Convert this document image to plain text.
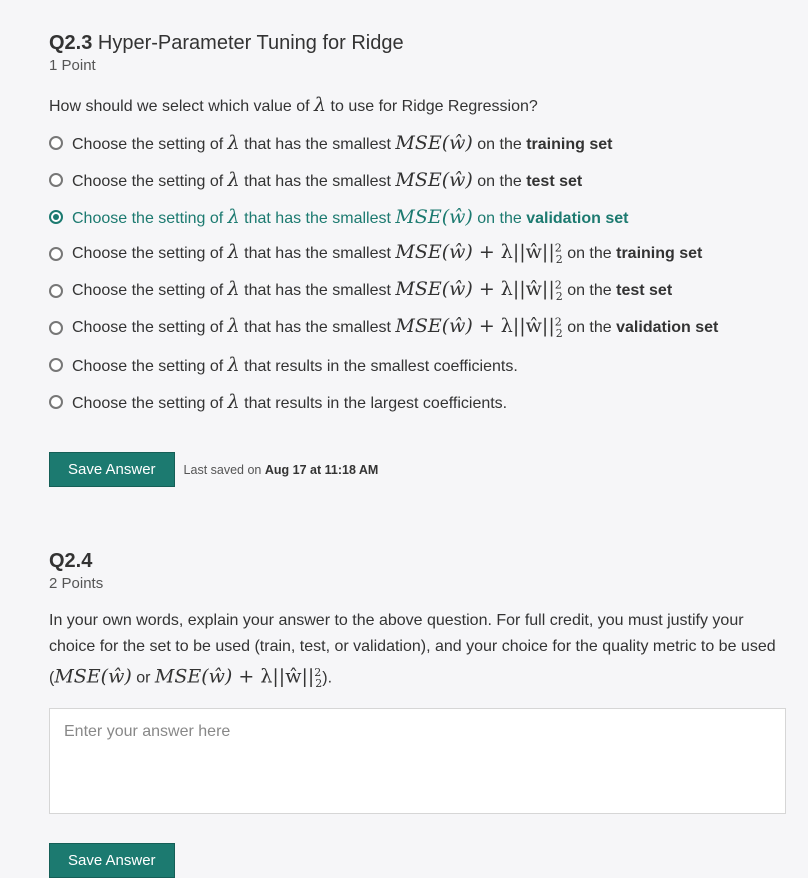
Q2.3 Hyper-Parameter Tuning for Ridge
1 Point
How should we select which value of λ to use for Ridge Regression?
Choose the setting of λ that has the smallest MSE(ŵ) on the training set
Choose the setting of λ that has the smallest MSE(ŵ) on the test set
Choose the setting of λ that has the smallest MSE(ŵ) on the validation set
Choose the setting of λ that has the smallest MSE(ŵ) + $\lambda||ŵ||^2_2$ on the training set
Choose the setting of λ that has the smallest MSE(ŵ) + $\lambda||ŵ||^2_2$ on the test set
Choose the setting of λ that has the smallest MSE(ŵ) + $\lambda||ŵ||^2_2$ on the validation set
Choose the setting of λ that results in the smallest coefficients.
Choose the setting of λ that results in the largest coefficients.
Save Answer	Last saved on Aug 17 at 11:18 AM
Q2.4
2 Points
In your own words, explain your answer to the above question. For full credit, you must justify your choice for the set to be used (train, test, or validation), and your choice for the quality metric to be used (MSE(ŵ) or MSE(ŵ) + $\lambda||ŵ||^2_2$).
Enter your answer here
Save Answer
